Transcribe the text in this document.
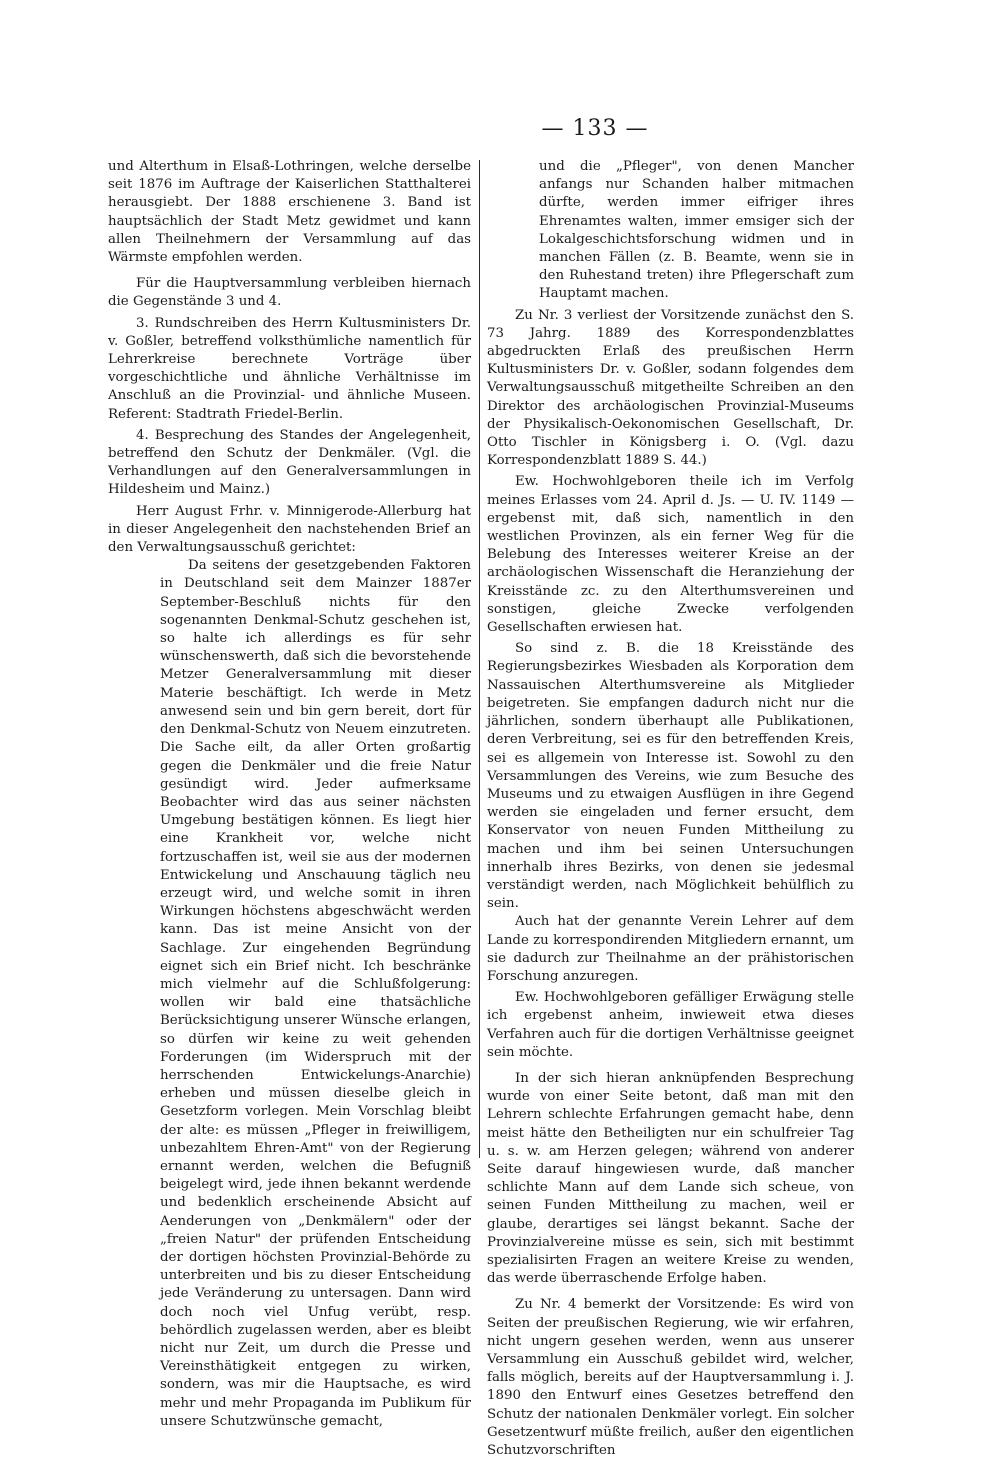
— 133 —

und Alterthum in Elsaß-Lothringen, welche derselbe seit 1876 im Auftrage der Kaiserlichen Statthalterei herausgiebt. Der 1888 erschienene 3. Band ist hauptsächlich der Stadt Metz gewidmet und kann allen Theilnehmern der Versammlung auf das Wärmste empfohlen werden.

Für die Hauptversammlung verbleiben hiernach die Gegenstände 3 und 4.

3. Rundschreiben des Herrn Kultusministers Dr. v. Goßler, betreffend volksthümliche namentlich für Lehrerkreise berechnete Vorträge über vorgeschichtliche und ähnliche Verhältnisse im Anschluß an die Provinzial- und ähnliche Museen. Referent: Stadtrath Friedel-Berlin.

4. Besprechung des Standes der Angelegenheit, betreffend den Schutz der Denkmäler. (Vgl. die Verhandlungen auf den Generalversammlungen in Hildesheim und Mainz.)

Herr August Frhr. v. Minnigerode-Allerburg hat in dieser Angelegenheit den nachstehenden Brief an den Verwaltungsausschuß gerichtet:

Da seitens der gesetzgebenden Faktoren in Deutschland seit dem Mainzer 1887er September-Beschluß nichts für den sogenannten Denkmal-Schutz geschehen ist, so halte ich allerdings es für sehr wünschenswerth, daß sich die bevorstehende Metzer Generalversammlung mit dieser Materie beschäftigt. Ich werde in Metz anwesend sein und bin gern bereit, dort für den Denkmal-Schutz von Neuem einzutreten. Die Sache eilt, da aller Orten großartig gegen die Denkmäler und die freie Natur gesündigt wird. Jeder aufmerksame Beobachter wird das aus seiner nächsten Umgebung bestätigen können. Es liegt hier eine Krankheit vor, welche nicht fortzuschaffen ist, weil sie aus der modernen Entwickelung und Anschauung täglich neu erzeugt wird, und welche somit in ihren Wirkungen höchstens abgeschwächt werden kann. Das ist meine Ansicht von der Sachlage. Zur eingehenden Begründung eignet sich ein Brief nicht. Ich beschränke mich vielmehr auf die Schlußfolgerung: wollen wir bald eine thatsächliche Berücksichtigung unserer Wünsche erlangen, so dürfen wir keine zu weit gehenden Forderungen (im Widerspruch mit der herrschenden Entwickelungs-Anarchie) erheben und müssen dieselbe gleich in Gesetzform vorlegen. Mein Vorschlag bleibt der alte: es müssen „Pfleger in freiwilligem, unbezahltem Ehren-Amt" von der Regierung ernannt werden, welchen die Befugniß beigelegt wird, jede ihnen bekannt werdende und bedenklich erscheinende Absicht auf Aenderungen von „Denkmälern" oder der „freien Natur" der prüfenden Entscheidung der dortigen höchsten Provinzial-Behörde zu unterbreiten und bis zu dieser Entscheidung jede Veränderung zu untersagen. Dann wird doch noch viel Unfug verübt, resp. behördlich zugelassen werden, aber es bleibt nicht nur Zeit, um durch die Presse und Vereinsthätigkeit entgegen zu wirken, sondern, was mir die Hauptsache, es wird mehr und mehr Propaganda im Publikum für unsere Schutzwünsche gemacht,

und die „Pfleger", von denen Mancher anfangs nur Schanden halber mitmachen dürfte, werden immer eifriger ihres Ehrenamtes walten, immer emsiger sich der Lokalgeschichtsforschung widmen und in manchen Fällen (z. B. Beamte, wenn sie in den Ruhestand treten) ihre Pflegerschaft zum Hauptamt machen.

Zu Nr. 3 verliest der Vorsitzende zunächst den S. 73 Jahrg. 1889 des Korrespondenzblattes abgedruckten Erlaß des preußischen Herrn Kultusministers Dr. v. Goßler, sodann folgendes dem Verwaltungsausschuß mitgetheilte Schreiben an den Direktor des archäologischen Provinzial-Museums der Physikalisch-Oekonomischen Gesellschaft, Dr. Otto Tischler in Königsberg i. O. (Vgl. dazu Korrespondenzblatt 1889 S. 44.)

Ew. Hochwohlgeboren theile ich im Verfolg meines Erlasses vom 24. April d. Js. — U. IV. 1149 — ergebenst mit, daß sich, namentlich in den westlichen Provinzen, als ein ferner Weg für die Belebung des Interesses weiterer Kreise an der archäologischen Wissenschaft die Heranziehung der Kreisstände zc. zu den Alterthumsvereinen und sonstigen, gleiche Zwecke verfolgenden Gesellschaften erwiesen hat.

So sind z. B. die 18 Kreisstände des Regierungsbezirkes Wiesbaden als Korporation dem Nassauischen Alterthumsvereine als Mitglieder beigetreten. Sie empfangen dadurch nicht nur die jährlichen, sondern überhaupt alle Publikationen, deren Verbreitung, sei es für den betreffenden Kreis, sei es allgemein von Interesse ist. Sowohl zu den Versammlungen des Vereins, wie zum Besuche des Museums und zu etwaigen Ausflügen in ihre Gegend werden sie eingeladen und ferner ersucht, dem Konservator von neuen Funden Mittheilung zu machen und ihm bei seinen Untersuchungen innerhalb ihres Bezirks, von denen sie jedesmal verständigt werden, nach Möglichkeit behülflich zu sein.

Auch hat der genannte Verein Lehrer auf dem Lande zu korrespondirenden Mitgliedern ernannt, um sie dadurch zur Theilnahme an der prähistorischen Forschung anzuregen.

Ew. Hochwohlgeboren gefälliger Erwägung stelle ich ergebenst anheim, inwieweit etwa dieses Verfahren auch für die dortigen Verhältnisse geeignet sein möchte.

In der sich hieran anknüpfenden Besprechung wurde von einer Seite betont, daß man mit den Lehrern schlechte Erfahrungen gemacht habe, denn meist hätte den Betheiligten nur ein schulfreier Tag u. s. w. am Herzen gelegen; während von anderer Seite darauf hingewiesen wurde, daß mancher schlichte Mann auf dem Lande sich scheue, von seinen Funden Mittheilung zu machen, weil er glaube, derartiges sei längst bekannt. Sache der Provinzialvereine müsse es sein, sich mit bestimmt spezialisirten Fragen an weitere Kreise zu wenden, das werde überraschende Erfolge haben.

Zu Nr. 4 bemerkt der Vorsitzende: Es wird von Seiten der preußischen Regierung, wie wir erfahren, nicht ungern gesehen werden, wenn aus unserer Versammlung ein Ausschuß gebildet wird, welcher, falls möglich, bereits auf der Hauptversammlung i. J. 1890 den Entwurf eines Gesetzes betreffend den Schutz der nationalen Denkmäler vorlegt. Ein solcher Gesetzentwurf müßte freilich, außer den eigentlichen Schutzvorschriften
